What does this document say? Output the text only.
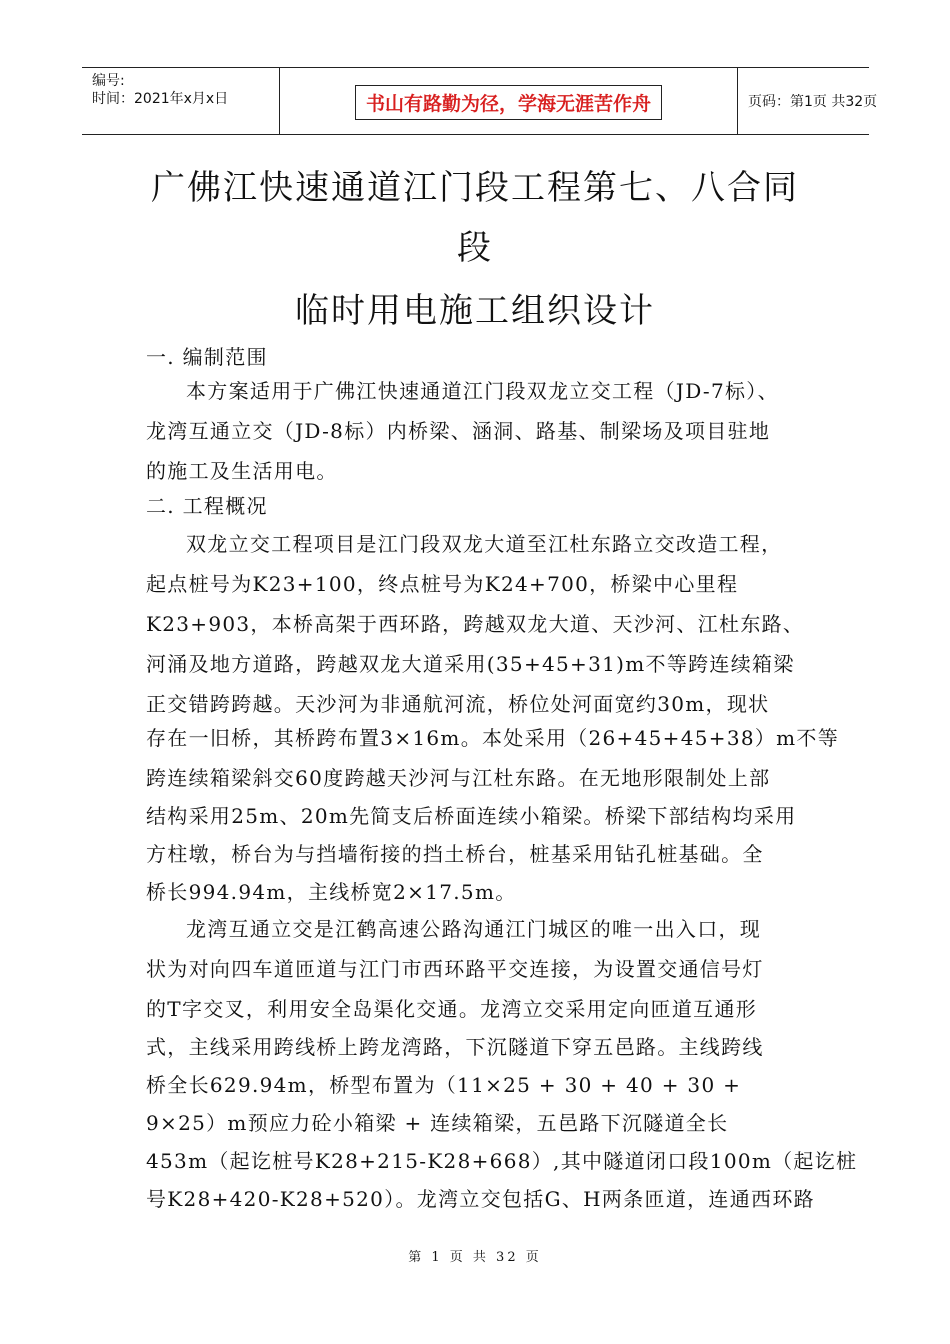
编号:
时间：2021年x月x日	书山有路勤为径，学海无涯苦作舟	页码：第1页 共32页
广佛江快速通道江门段工程第七、八合同
段
临时用电施工组织设计
一. 编制范围
本方案适用于广佛江快速通道江门段双龙立交工程（JD-7标）、
龙湾互通立交（JD-8标）内桥梁、涵洞、路基、制梁场及项目驻地
的施工及生活用电。
二. 工程概况
双龙立交工程项目是江门段双龙大道至江杜东路立交改造工程，
起点桩号为K23+100，终点桩号为K24+700，桥梁中心里程
K23+903，本桥高架于西环路，跨越双龙大道、天沙河、江杜东路、
河涌及地方道路，跨越双龙大道采用(35+45+31)m不等跨连续箱梁
正交错跨跨越。天沙河为非通航河流，桥位处河面宽约30m，现状
存在一旧桥，其桥跨布置3×16m。本处采用（26+45+45+38）m不等
跨连续箱梁斜交60度跨越天沙河与江杜东路。在无地形限制处上部
结构采用25m、20m先简支后桥面连续小箱梁。桥梁下部结构均采用
方柱墩，桥台为与挡墙衔接的挡土桥台，桩基采用钻孔桩基础。全
桥长994.94m，主线桥宽2×17.5m。
龙湾互通立交是江鹤高速公路沟通江门城区的唯一出入口，现
状为对向四车道匝道与江门市西环路平交连接，为设置交通信号灯
的T字交叉，利用安全岛渠化交通。龙湾立交采用定向匝道互通形
式，主线采用跨线桥上跨龙湾路，下沉隧道下穿五邑路。主线跨线
桥全长629.94m，桥型布置为（11×25 + 30 + 40 + 30 +
9×25）m预应力砼小箱梁 + 连续箱梁，五邑路下沉隧道全长
453m（起讫桩号K28+215-K28+668）,其中隧道闭口段100m（起讫桩
号K28+420-K28+520）。龙湾立交包括G、H两条匝道，连通西环路
第 1 页 共 32 页
